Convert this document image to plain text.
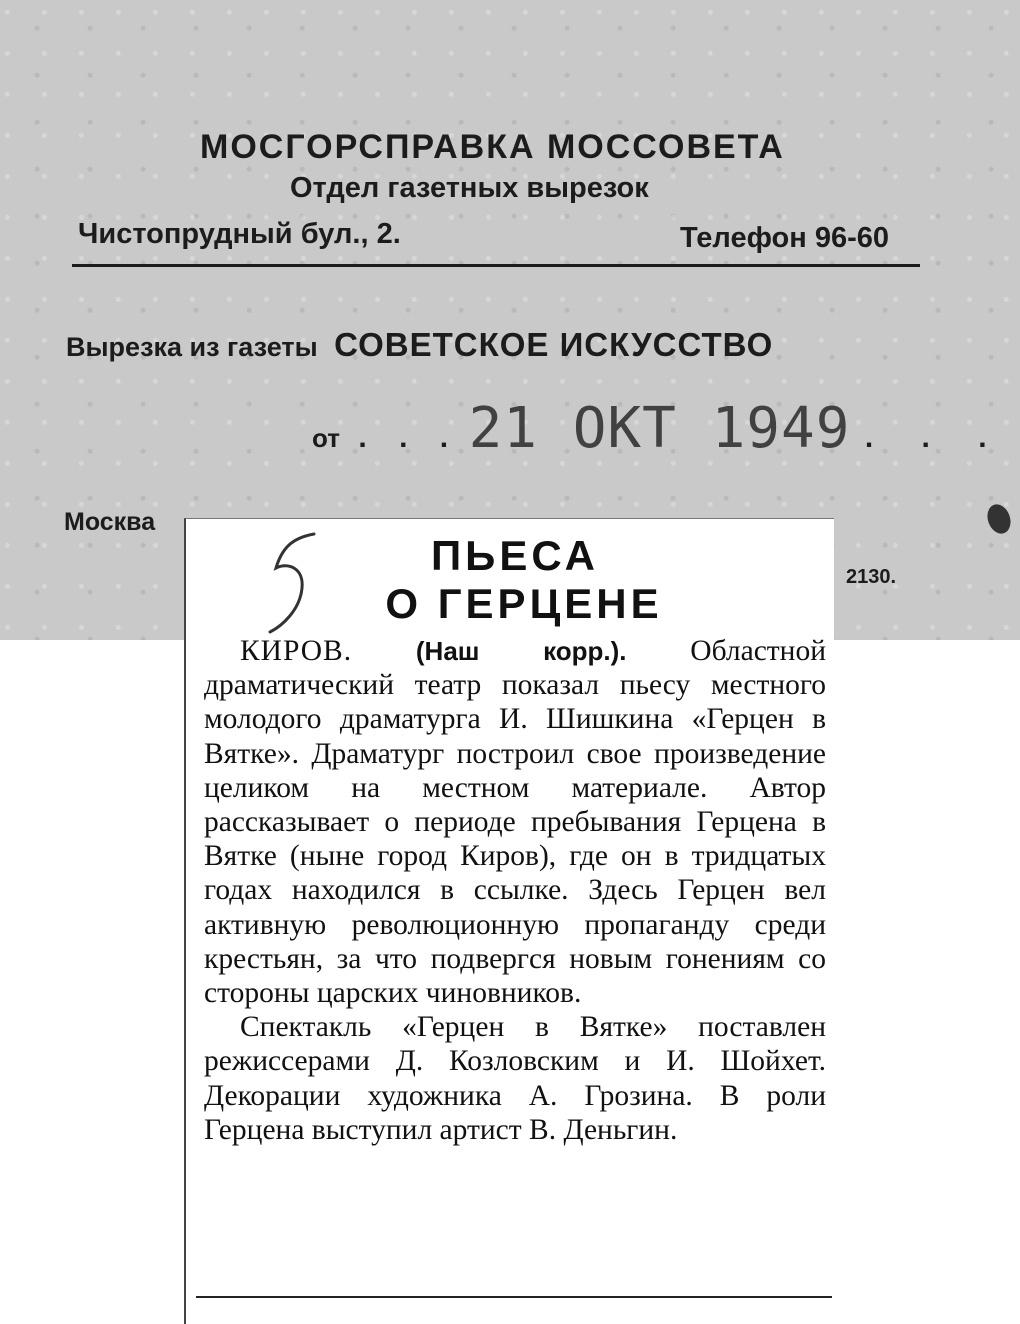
МОСГОРСПРАВКА МОССОВЕТА
Отдел газетных вырезок
Чистопрудный бул., 2.	Телефон 96-60
Вырезка из газеты СОВЕТСКОЕ ИСКУССТВО
от . . . 21 ОКТ 1949 . . .
Москва
2130.
ПЬЕСА
О ГЕРЦЕНЕ

КИРОВ. (Наш корр.). Областной драматический театр показал пьесу местного молодого драматурга И. Шишкина «Герцен в Вятке». Драматург построил свое произведение целиком на местном материале. Автор рассказывает о периоде пребывания Герцена в Вятке (ныне город Киров), где он в тридцатых годах находился в ссылке. Здесь Герцен вел активную революционную пропаганду среди крестьян, за что подвергся новым гонениям со стороны царских чиновников.

Спектакль «Герцен в Вятке» поставлен режиссерами Д. Козловским и И. Шойхет. Декорации художника А. Грозина. В роли Герцена выступил артист В. Деньгин.
